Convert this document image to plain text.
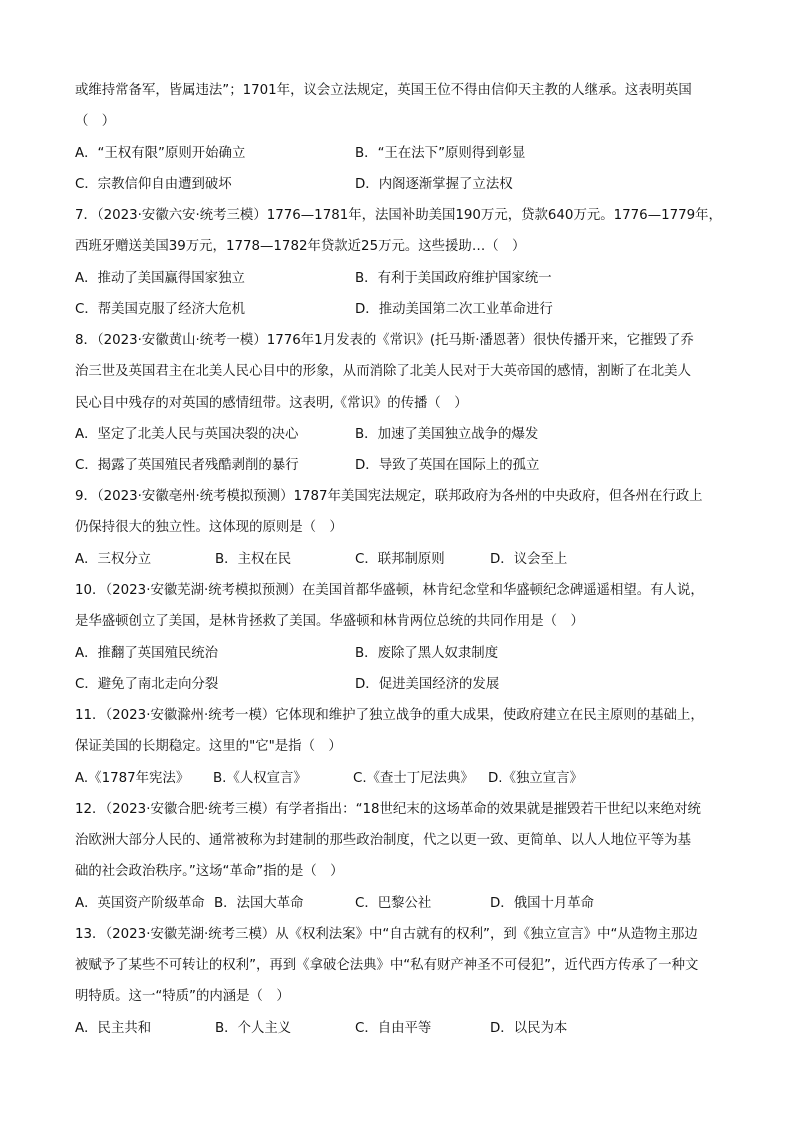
或维持常备军，皆属违法”；1701年，议会立法规定，英国王位不得由信仰天主教的人继承。这表明英国
（　）
A．“王权有限”原则开始确立	B．“王在法下”原则得到彰显
C．宗教信仰自由遭到破坏	D．内阁逐渐掌握了立法权
7．（2023·安徽六安·统考三模）1776—1781年，法国补助美国190万元，贷款640万元。1776—1779年，
西班牙赠送美国39万元，1778—1782年贷款近25万元。这些援助…（　）
A．推动了美国赢得国家独立	B．有利于美国政府维护国家统一
C．帮美国克服了经济大危机	D．推动美国第二次工业革命进行
8．（2023·安徽黄山·统考一模）1776年1月发表的《常识》(托马斯·潘恩著）很快传播开来，它摧毁了乔
治三世及英国君主在北美人民心目中的形象，从而消除了北美人民对于大英帝国的感情，割断了在北美人
民心目中残存的对英国的感情纽带。这表明,《常识》的传播（　）
A．坚定了北美人民与英国决裂的决心	B．加速了美国独立战争的爆发
C．揭露了英国殖民者残酷剥削的暴行	D．导致了英国在国际上的孤立
9．（2023·安徽亳州·统考模拟预测）1787年美国宪法规定，联邦政府为各州的中央政府，但各州在行政上
仍保持很大的独立性。这体现的原则是（　）
A．三权分立	B．主权在民	C．联邦制原则	D．议会至上
10．（2023·安徽芜湖·统考模拟预测）在美国首都华盛顿，林肯纪念堂和华盛顿纪念碑遥遥相望。有人说，
是华盛顿创立了美国，是林肯拯救了美国。华盛顿和林肯两位总统的共同作用是（　）
A．推翻了英国殖民统治	B．废除了黑人奴隶制度
C．避免了南北走向分裂	D．促进美国经济的发展
11．（2023·安徽滁州·统考一模）它体现和维护了独立战争的重大成果，使政府建立在民主原则的基础上，
保证美国的长期稳定。这里的"它"是指（　）
A.《1787年宪法》 B.《人权宣言》	C.《查士丁尼法典》 D.《独立宣言》
12．（2023·安徽合肥·统考三模）有学者指出：“18世纪末的这场革命的效果就是摧毁若干世纪以来绝对统
治欧洲大部分人民的、通常被称为封建制的那些政治制度，代之以更一致、更简单、以人人地位平等为基
础的社会政治秩序。”这场“革命”指的是（　）
A．英国资产阶级革命 B．法国大革命	C．巴黎公社	D．俄国十月革命
13．（2023·安徽芜湖·统考三模）从《权利法案》中“自古就有的权利”，到《独立宣言》中“从造物主那边
被赋予了某些不可转让的权利”，再到《拿破仑法典》中“私有财产神圣不可侵犯”，近代西方传承了一种文
明特质。这一“特质”的内涵是（　）
A．民主共和	B．个人主义	C．自由平等	D．以民为本
